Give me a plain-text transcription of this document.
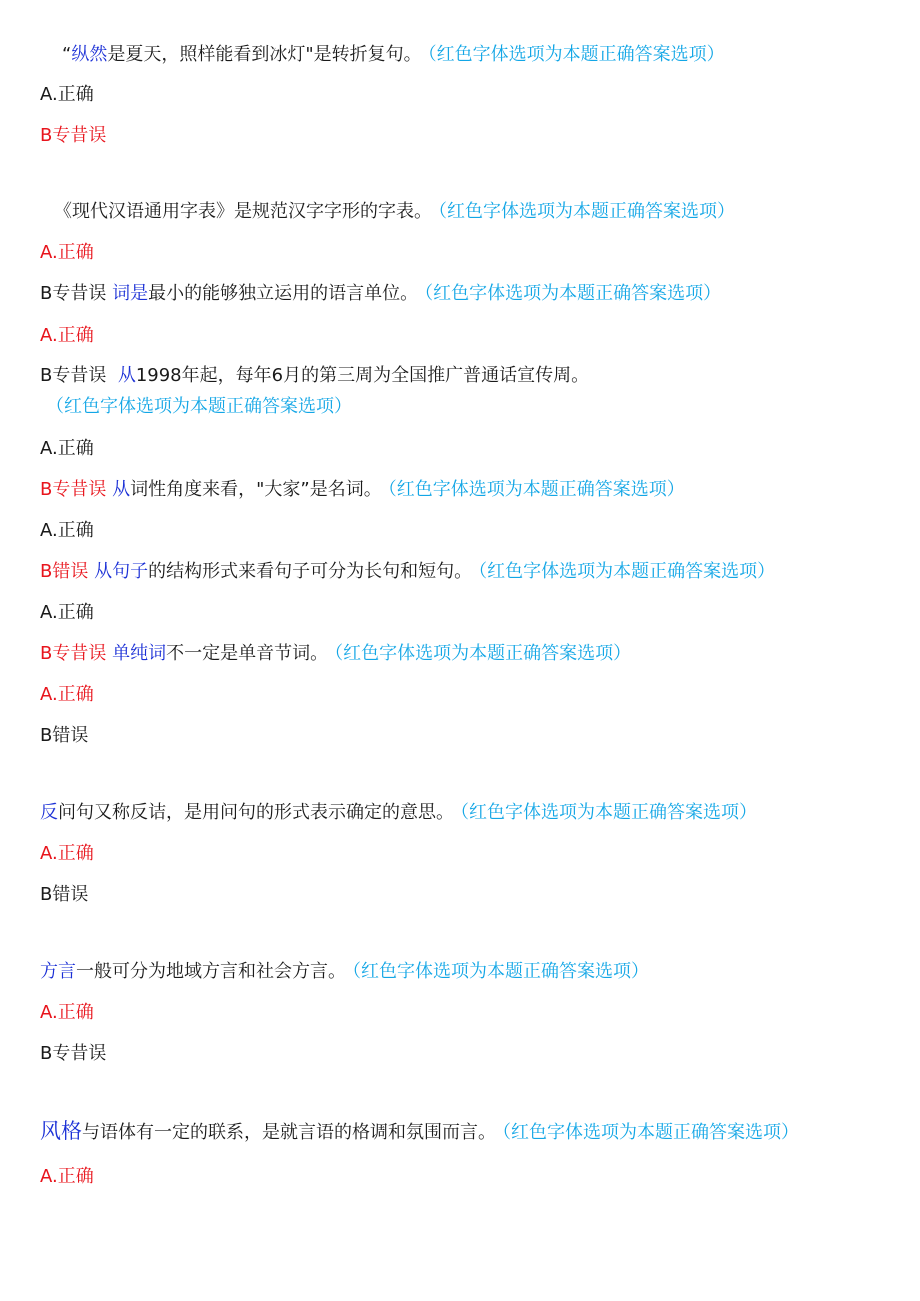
“纵然是夏天，照样能看到冰灯"是转折复句。 （红色字体选项为本题正确答案选项）
A.正确
B专昔误
《现代汉语通用字表》是规范汉字字形的字表。 （红色字体选项为本题正确答案选项）
A.正确
B专昔误 词是最小的能够独立运用的语言单位。 （红色字体选项为本题正确答案选项）
A.正确
B专昔误 从1998年起，每年6月的第三周为全国推广普通话宣传周。（红色字体选项为本题正确答案选项）
A.正确
B专昔误 从词性角度来看，"大家”是名词。 （红色字体选项为本题正确答案选项）
A.正确
B错误 从句子的结构形式来看句子可分为长句和短句。 （红色字体选项为本题正确答案选项）
A.正确
B专昔误 单纯词不一定是单音节词。 （红色字体选项为本题正确答案选项）
A.正确
B错误
反问句又称反诘，是用问句的形式表示确定的意思。 （红色字体选项为本题正确答案选项）
A.正确
B错误
方言一般可分为地域方言和社会方言。 （红色字体选项为本题正确答案选项）
A.正确
B专昔误
风格与语体有一定的联系，是就言语的格调和氛围而言。 （红色字体选项为本题正确答案选项）
A.正确
